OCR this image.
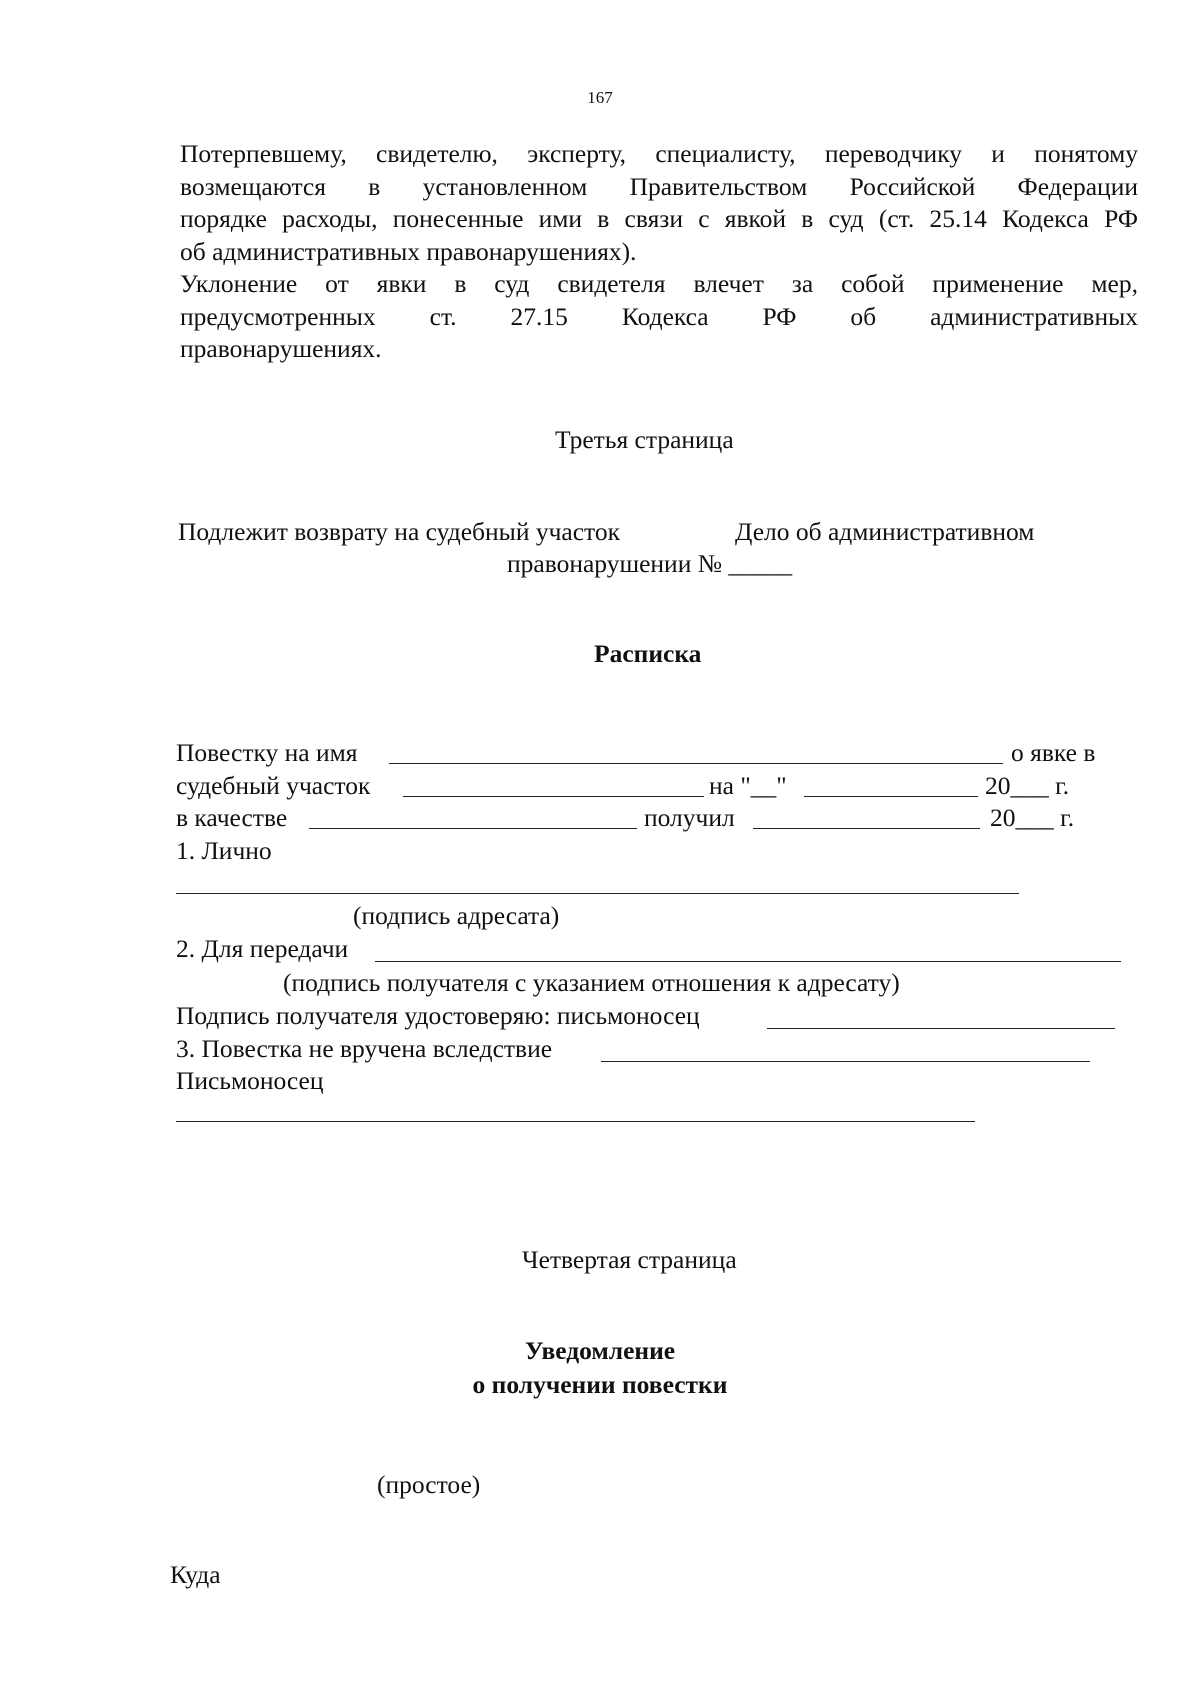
167
Потерпевшему, свидетелю, эксперту, специалисту, переводчику и понятому
возмещаются в установленном Правительством Российской Федерации
порядке расходы, понесенные ими в связи с явкой в суд (ст. 25.14 Кодекса РФ
об административных правонарушениях).
Уклонение от явки в суд свидетеля влечет за собой применение мер,
предусмотренных ст. 27.15 Кодекса РФ об административных
правонарушениях.
Третья страница
Подлежит возврату на судебный участок	Дело об административном
правонарушении № _____
Расписка
Повестку на имя	о явке в
судебный участок	на "__"	20___ г.
в качестве	получил	20___ г.
1. Лично
(подпись адресата)
2. Для передачи
(подпись получателя с указанием отношения к адресату)
Подпись получателя удостоверяю: письмоносец
3. Повестка не вручена вследствие
Письмоносец
Четвертая страница
Уведомление
о получении повестки
(простое)
Куда
